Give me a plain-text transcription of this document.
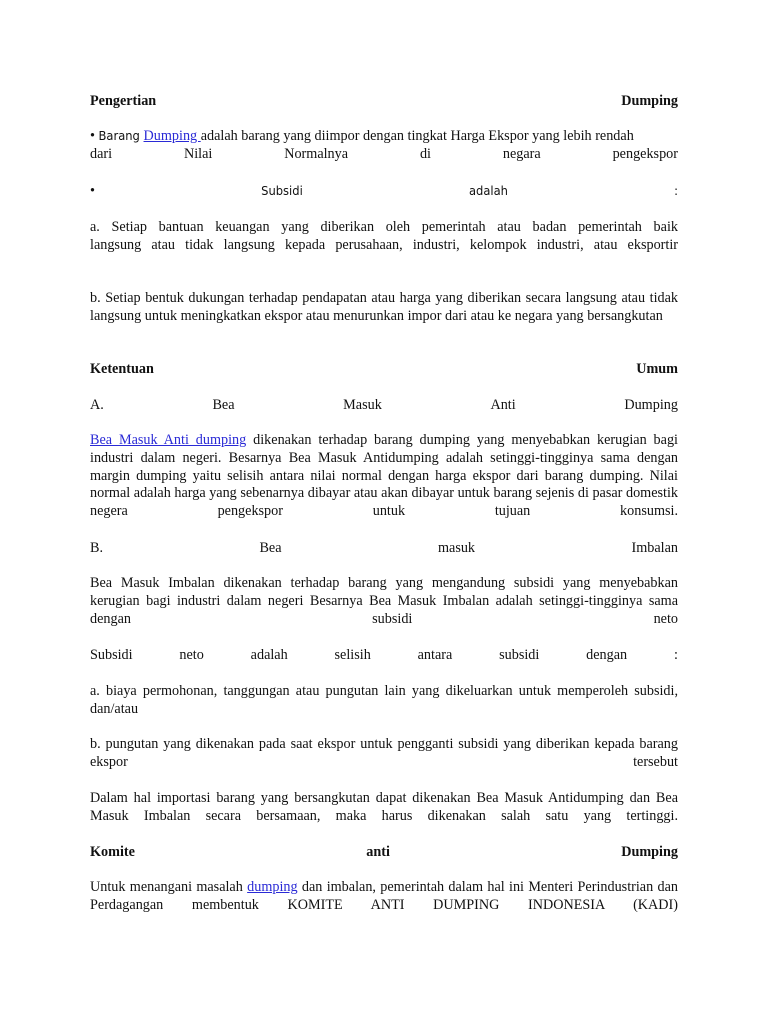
Pengertian	Dumping
• Barang Dumping adalah barang yang diimpor dengan tingkat Harga Ekspor yang lebih rendah
dari	Nilai	Normalnya	di	negara	pengekspor
•	Subsidi	adalah	:
a. Setiap bantuan keuangan yang diberikan oleh pemerintah atau badan pemerintah baik
langsung atau tidak langsung kepada perusahaan, industri, kelompok industri, atau eksportir
b. Setiap bentuk dukungan terhadap pendapatan atau harga yang diberikan secara langsung atau tidak langsung untuk meningkatkan ekspor atau menurunkan impor dari atau ke negara yang bersangkutan
Ketentuan	Umum
A.	Bea	Masuk	Anti	Dumping
Bea Masuk Anti dumping dikenakan terhadap barang dumping yang menyebabkan kerugian bagi industri dalam negeri. Besarnya Bea Masuk Antidumping adalah setinggi-tingginya sama dengan margin dumping yaitu selisih antara nilai normal dengan harga ekspor dari barang dumping. Nilai normal adalah harga yang sebenarnya dibayar atau akan dibayar untuk barang sejenis di pasar domestik negera pengekspor untuk tujuan konsumsi.
B.	Bea	masuk	Imbalan
Bea Masuk Imbalan dikenakan terhadap barang yang mengandung subsidi yang menyebabkan kerugian bagi industri dalam negeri Besarnya Bea Masuk Imbalan adalah setinggi-tingginya sama dengan subsidi neto
Subsidi	neto	adalah	selisih	antara	subsidi	dengan	:
a. biaya permohonan, tanggungan atau pungutan lain yang dikeluarkan untuk memperoleh subsidi, dan/atau
b. pungutan yang dikenakan pada saat ekspor untuk pengganti subsidi yang diberikan kepada barang ekspor tersebut
Dalam hal importasi barang yang bersangkutan dapat dikenakan Bea Masuk Antidumping dan Bea Masuk Imbalan secara bersamaan, maka harus dikenakan salah satu yang tertinggi.
Komite	anti	Dumping
Untuk menangani masalah dumping dan imbalan, pemerintah dalam hal ini Menteri Perindustrian dan Perdagangan membentuk KOMITE ANTI DUMPING INDONESIA (KADI)
